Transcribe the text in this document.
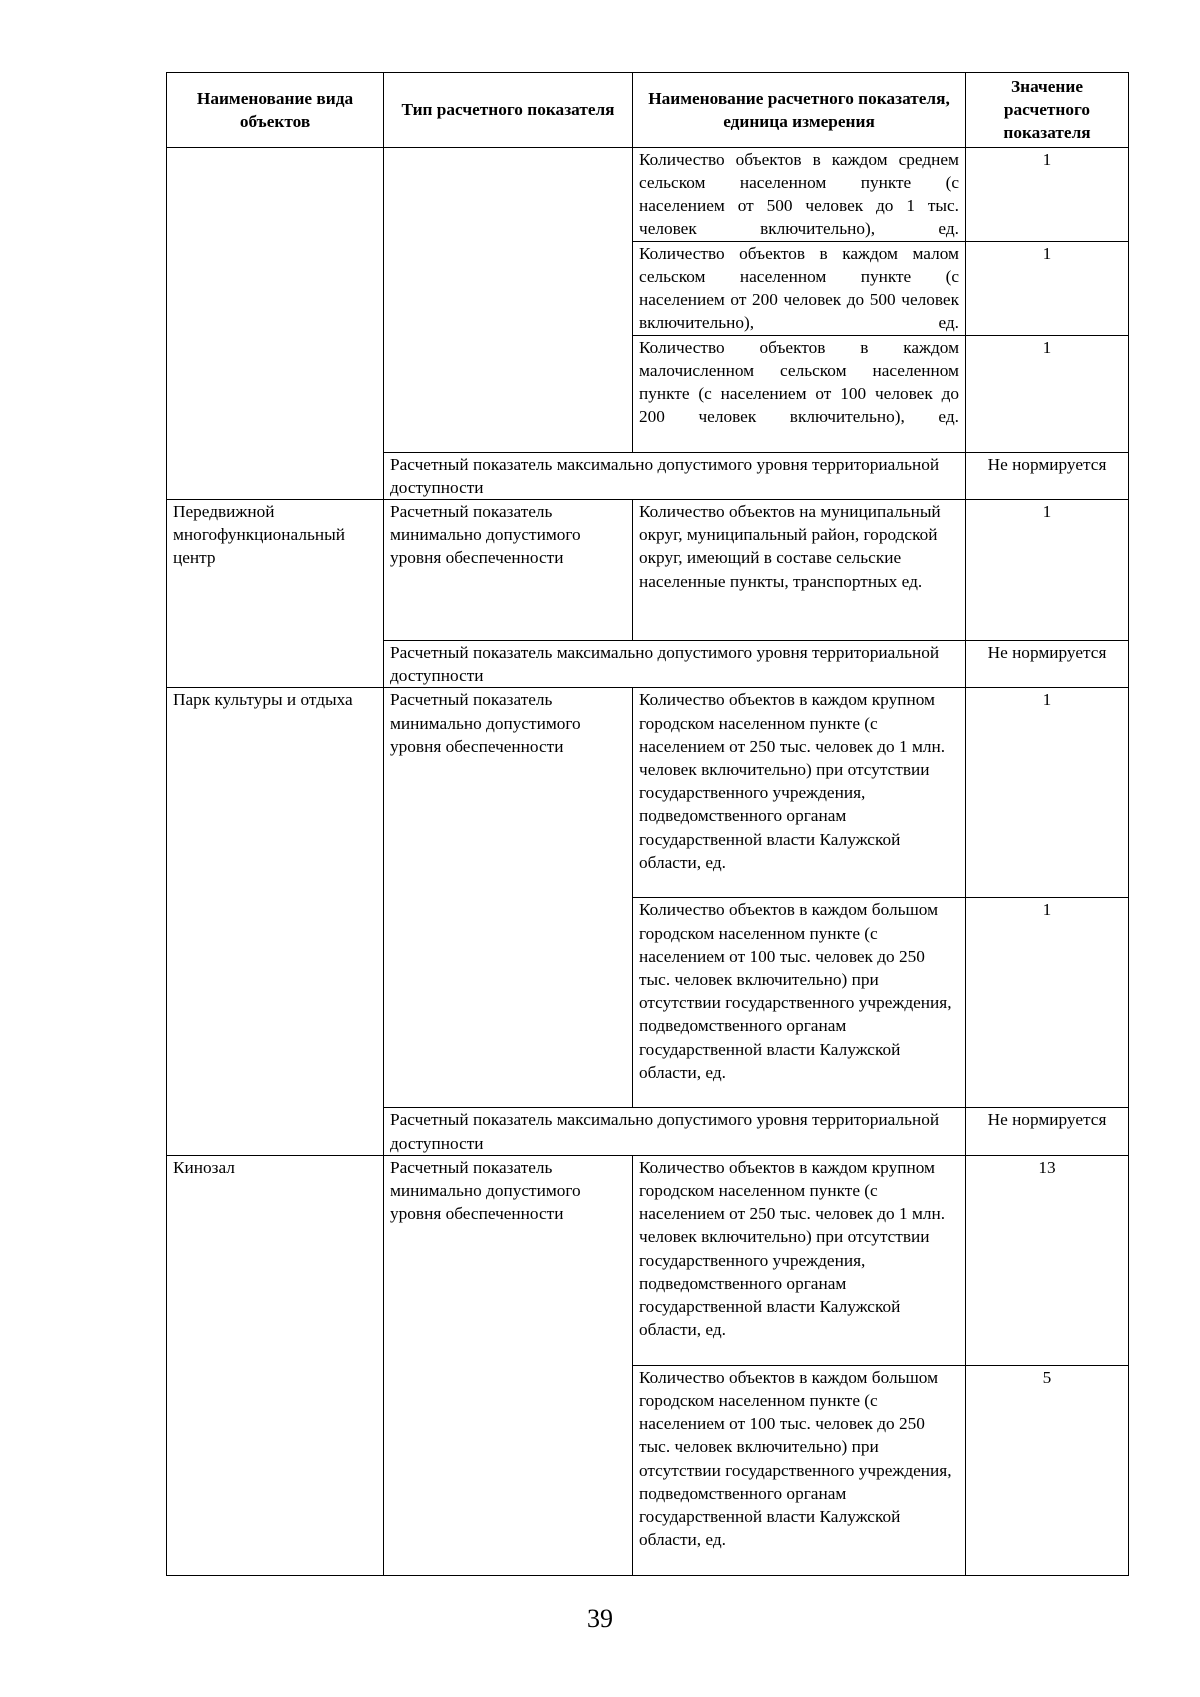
Наименование вида объектов	Тип расчетного показателя	Наименование расчетного показателя, единица измерения	Значение расчетного показателя
		Количество объектов в каждом среднем сельском населенном пункте (с населением от 500 человек до 1 тыс. человек включительно), ед.	1
		Количество объектов в каждом малом сельском населенном пункте (с населением от 200 человек до 500 человек включительно), ед.	1
		Количество объектов в каждом малочисленном сельском населенном пункте (с населением от 100 человек до 200 человек включительно), ед.	1
	Расчетный показатель максимально допустимого уровня территориальной доступности		Не нормируется
Передвижной многофункциональный центр	Расчетный показатель минимально допустимого уровня обеспеченности	Количество объектов на муниципальный округ, муниципальный район, городской округ, имеющий в составе сельские населенные пункты, транспортных ед.	1
	Расчетный показатель максимально допустимого уровня территориальной доступности		Не нормируется
Парк культуры и отдыха	Расчетный показатель минимально допустимого уровня обеспеченности	Количество объектов в каждом крупном городском населенном пункте (с населением от 250 тыс. человек до 1 млн. человек включительно) при отсутствии государственного учреждения, подведомственного органам государственной власти Калужской области, ед.	1
		Количество объектов в каждом большом городском населенном пункте (с населением от 100 тыс. человек до 250 тыс. человек включительно) при отсутствии государственного учреждения, подведомственного органам государственной власти Калужской области, ед.	1
	Расчетный показатель максимально допустимого уровня территориальной доступности		Не нормируется
Кинозал	Расчетный показатель минимально допустимого уровня обеспеченности	Количество объектов в каждом крупном городском населенном пункте (с населением от 250 тыс. человек до 1 млн. человек включительно) при отсутствии государственного учреждения, подведомственного органам государственной власти Калужской области, ед.	13
		Количество объектов в каждом большом городском населенном пункте (с населением от 100 тыс. человек до 250 тыс. человек включительно) при отсутствии государственного учреждения, подведомственного органам государственной власти Калужской области, ед.	5
39
